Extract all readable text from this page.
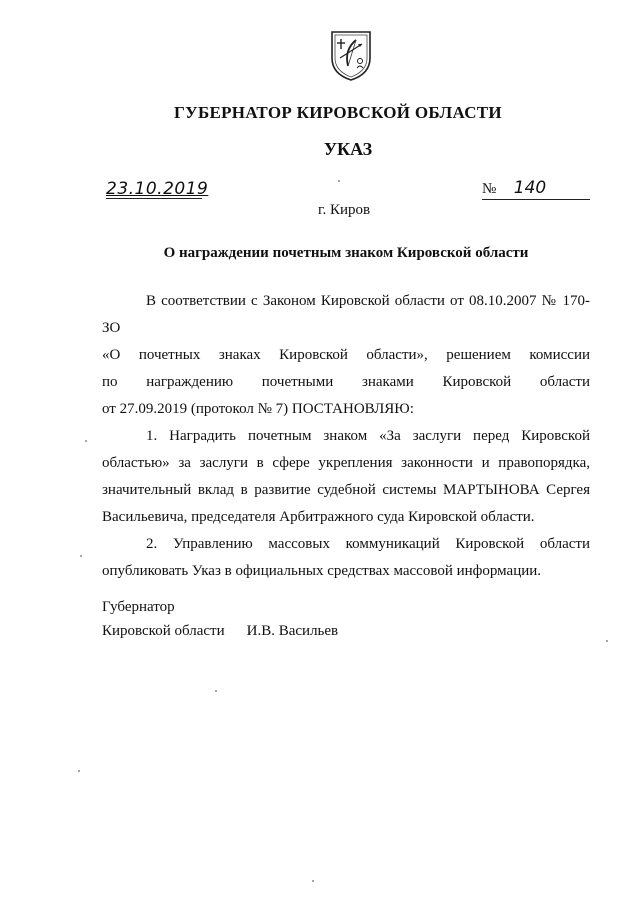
ГУБЕРНАТОР КИРОВСКОЙ ОБЛАСТИ
УКАЗ
23.10.2019	№ 140
г. Киров
О награждении почетным знаком Кировской области

В соответствии с Законом Кировской области от 08.10.2007 № 170-ЗО

«О почетных знаках Кировской области», решением комиссии

по награждению почетными знаками Кировской области

от 27.09.2019 (протокол № 7) ПОСТАНОВЛЯЮ:

1. Наградить почетным знаком «За заслуги перед Кировской

областью» за заслуги в сфере укрепления законности и правопорядка,

значительный вклад в развитие судебной системы МАРТЫНОВА Сергея

Васильевича, председателя Арбитражного суда Кировской области.

2. Управлению массовых коммуникаций Кировской области

опубликовать Указ в официальных средствах массовой информации.

Губернатор
Кировской области И.В. Васильев
